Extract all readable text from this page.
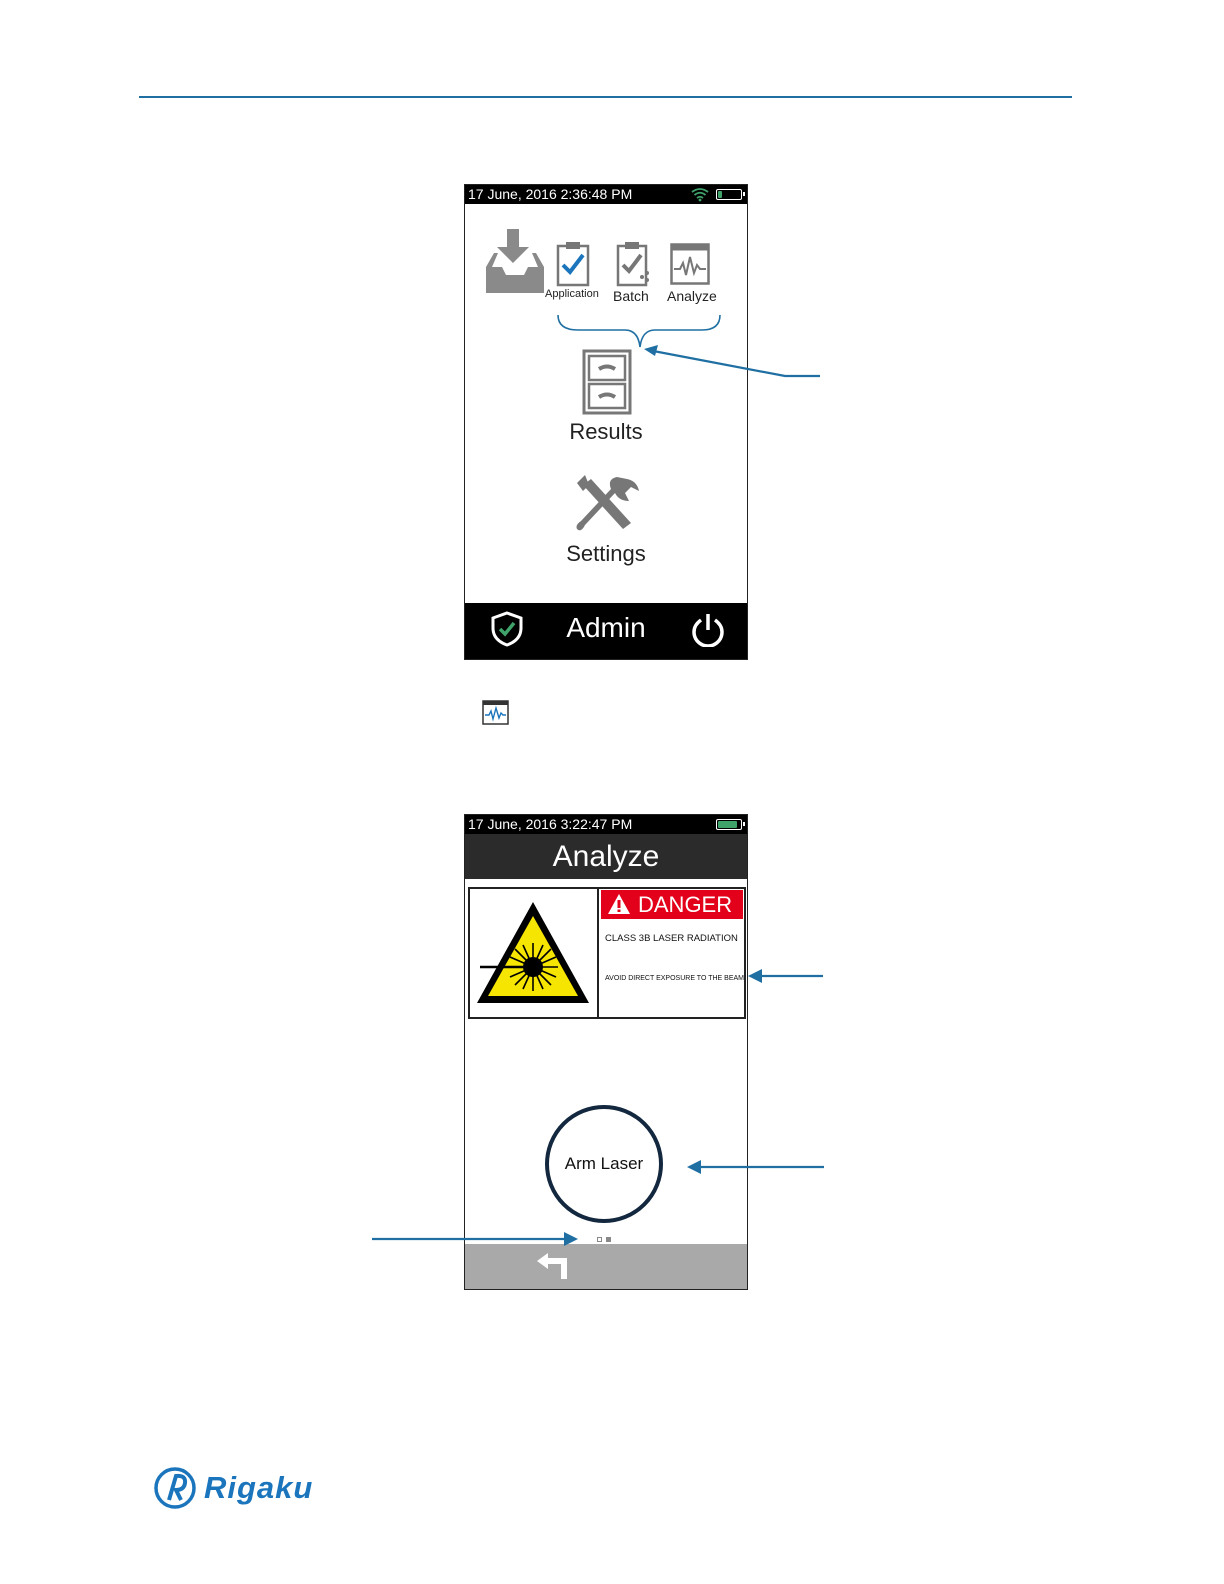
17 June, 2016 2:36:48 PM
Application Batch Analyze
Results
Settings
Admin
17 June, 2016 3:22:47 PM
Analyze
DANGER
CLASS 3B LASER RADIATION
AVOID DIRECT EXPOSURE TO THE BEAM
Arm Laser
Rigaku
